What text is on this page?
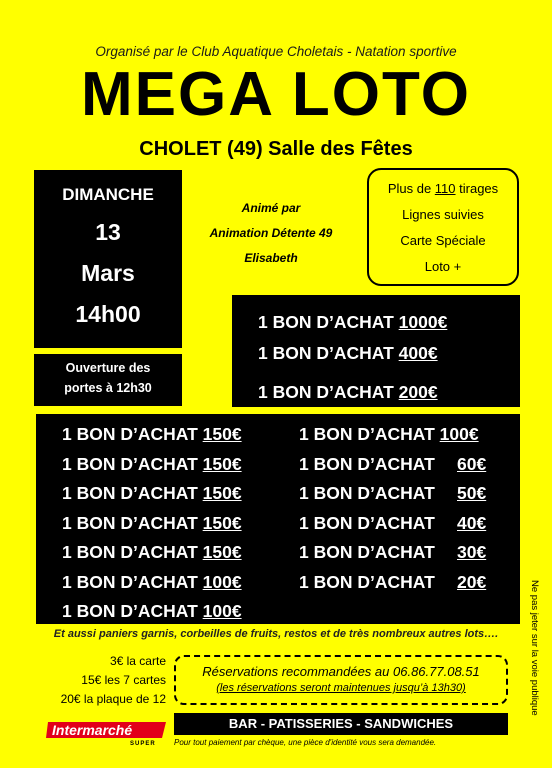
Organisé par le Club Aquatique Choletais - Natation sportive
MEGA LOTO
CHOLET (49) Salle des Fêtes
DIMANCHE
13
Mars
14h00
Ouverture des
portes à 12h30
Animé par
Animation Détente 49
Elisabeth
Plus de 110 tirages
Lignes suivies
Carte Spéciale
Loto +
1 BON D’ACHAT 1000€
1 BON D’ACHAT 400€
1 BON D’ACHAT 200€
1 BON D’ACHAT 150€
1 BON D’ACHAT 150€
1 BON D’ACHAT 150€
1 BON D’ACHAT 150€
1 BON D’ACHAT 150€
1 BON D’ACHAT 100€
1 BON D’ACHAT 100€
1 BON D’ACHAT 100€
1 BON D’ACHAT 60€
1 BON D’ACHAT 50€
1 BON D’ACHAT 40€
1 BON D’ACHAT 30€
1 BON D’ACHAT 20€	Ne pas jeter sur la voie publique
Et aussi paniers garnis, corbeilles de fruits, restos et de très nombreux autres lots….
3€ la carte
15€ les 7 cartes
20€ la plaque de 12
Réservations recommandées au 06.86.77.08.51
(les réservations seront maintenues jusqu’à 13h30)
BAR - PATISSERIES - SANDWICHES
Pour tout paiement par chèque, une pièce d'identité vous sera demandée.
Intermarché
SUPER
